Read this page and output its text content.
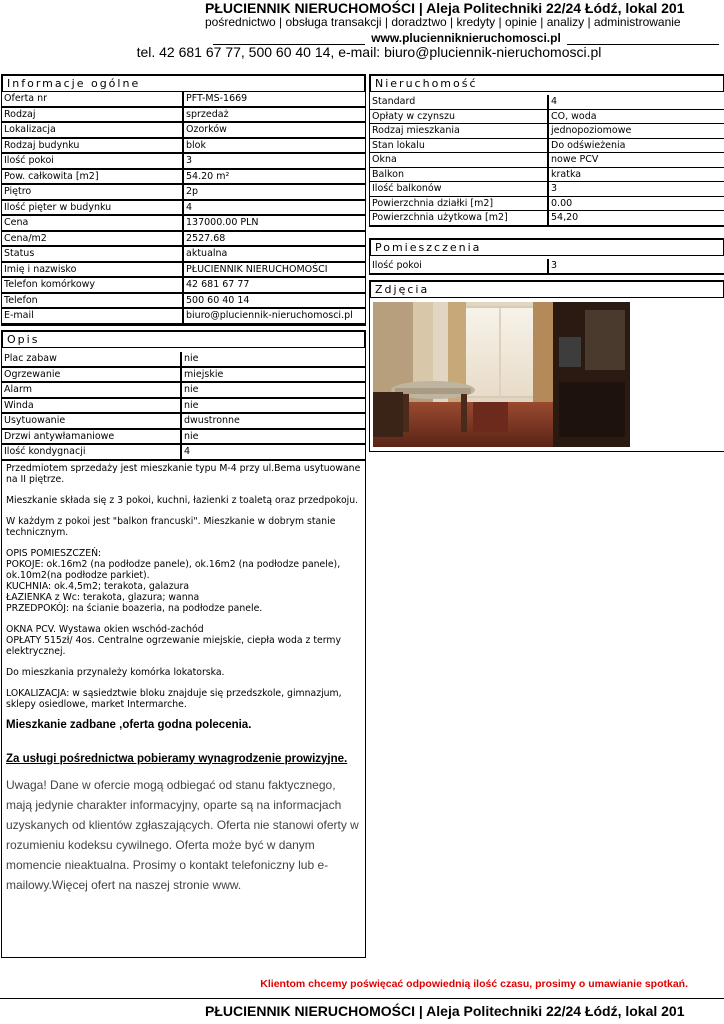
PŁUCIENNIK NIERUCHOMOŚCI | Aleja Politechniki 22/24 Łódź, lokal 201
pośrednictwo | obsługa transakcji | doradztwo | kredyty | opinie | analizy | administrowanie
www.plucienniknieruchomosci.pl
tel. 42 681 67 77, 500 60 40 14, e-mail: biuro@pluciennik-nieruchomosci.pl
Informacje ogólne
Oferta nr	PFT-MS-1669
Rodzaj	sprzedaż
Lokalizacja	Ozorków
Rodzaj budynku	blok
Ilość pokoi	3
Pow. całkowita [m2]	54.20 m²
Piętro	2p
Ilość pięter w budynku	4
Cena	137000.00 PLN
Cena/m2	2527.68
Status	aktualna
Imię i nazwisko	PŁUCIENNIK NIERUCHOMOŚCI
Telefon komórkowy	42 681 67 77
Telefon	500 60 40 14
E-mail	biuro@pluciennik-nieruchomosci.pl
Opis
Plac zabaw	nie
Ogrzewanie	miejskie
Alarm	nie
Winda	nie
Usytuowanie	dwustronne
Drzwi antywłamaniowe	nie
Ilość kondygnacji	4

Przedmiotem sprzedaży jest mieszkanie typu M-4 przy ul.Bema usytuowane na II piętrze.

Mieszkanie składa się z 3 pokoi, kuchni, łazienki z toaletą oraz przedpokoju.

W każdym z pokoi jest "balkon francuski". Mieszkanie w dobrym stanie technicznym.

OPIS POMIESZCZEŃ:
POKOJE: ok.16m2 (na podłodze panele), ok.16m2 (na podłodze panele), ok.10m2(na podłodze parkiet).
KUCHNIA: ok.4,5m2; terakota, galazura
ŁAZIENKA z Wc: terakota, glazura; wanna
PRZEDPOKÓJ: na ścianie boazeria, na podłodze panele.

OKNA PCV. Wystawa okien wschód-zachód
OPŁATY 515zł/ 4os. Centralne ogrzewanie miejskie, ciepła woda z termy elektrycznej.

Do mieszkania przynależy komórka lokatorska.

LOKALIZACJA: w sąsiedztwie bloku znajduje się przedszkole, gimnazjum, sklepy osiedlowe, market Intermarche.

Mieszkanie zadbane ,oferta godna polecenia.

Za usługi pośrednictwa pobieramy wynagrodzenie prowizyjne.

Uwaga! Dane w ofercie mogą odbiegać od stanu faktycznego, mają jedynie charakter informacyjny, oparte są na informacjach uzyskanych od klientów zgłaszających. Oferta nie stanowi oferty w rozumieniu kodeksu cywilnego. Oferta może być w danym momencie nieaktualna. Prosimy o kontakt telefoniczny lub e-mailowy.Więcej ofert na naszej stronie www.

Nieruchomość
Standard	4
Opłaty w czynszu	CO, woda
Rodzaj mieszkania	jednopoziomowe
Stan lokalu	Do odświeżenia
Okna	nowe PCV
Balkon	kratka
Ilość balkonów	3
Powierzchnia działki [m2]	0.00
Powierzchnia użytkowa [m2]	54,20
Pomieszczenia
Ilość pokoi	3
Zdjęcia
Klientom chcemy poświęcać odpowiednią ilość czasu, prosimy o umawianie spotkań.
PŁUCIENNIK NIERUCHOMOŚCI | Aleja Politechniki 22/24 Łódź, lokal 201
